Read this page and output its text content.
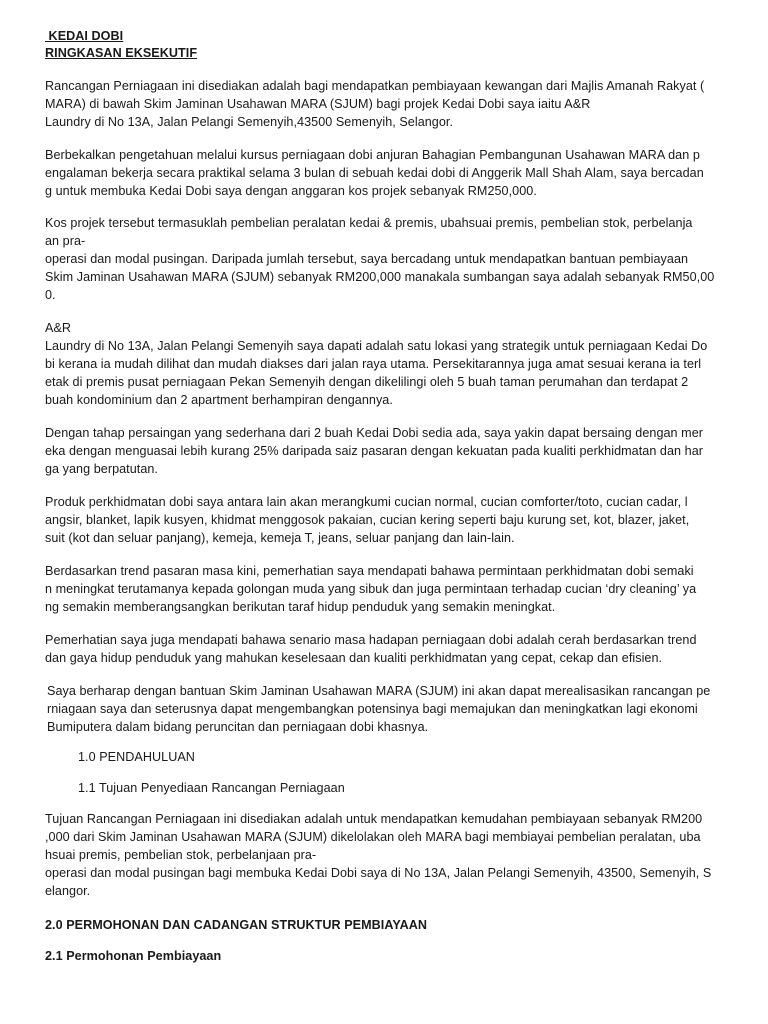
KEDAI DOBI

RINGKASAN EKSEKUTIF

Rancangan Perniagaan ini disediakan adalah bagi mendapatkan pembiayaan kewangan dari Majlis Amanah Rakyat (

MARA) di bawah Skim Jaminan Usahawan MARA (SJUM) bagi projek Kedai Dobi saya iaitu A&R

Laundry di No 13A, Jalan Pelangi Semenyih,43500 Semenyih, Selangor.

Berbekalkan pengetahuan melalui kursus perniagaan dobi anjuran Bahagian Pembangunan Usahawan MARA dan p

engalaman bekerja secara praktikal selama 3 bulan di sebuah kedai dobi di Anggerik Mall Shah Alam, saya bercadan

g untuk membuka Kedai Dobi saya dengan anggaran kos projek sebanyak RM250,000.

Kos projek tersebut termasuklah pembelian peralatan kedai & premis, ubahsuai premis, pembelian stok, perbelanja

an pra-

operasi dan modal pusingan. Daripada jumlah tersebut, saya bercadang untuk mendapatkan bantuan pembiayaan

Skim Jaminan Usahawan MARA (SJUM) sebanyak RM200,000 manakala sumbangan saya adalah sebanyak RM50,00

0.

A&R

Laundry di No 13A, Jalan Pelangi Semenyih saya dapati adalah satu lokasi yang strategik untuk perniagaan Kedai Do

bi kerana ia mudah dilihat dan mudah diakses dari jalan raya utama. Persekitarannya juga amat sesuai kerana ia terl

etak di premis pusat perniagaan Pekan Semenyih dengan dikelilingi oleh 5 buah taman perumahan dan terdapat 2

buah kondominium dan 2 apartment berhampiran dengannya.

Dengan tahap persaingan yang sederhana dari 2 buah Kedai Dobi sedia ada, saya yakin dapat bersaing dengan mer

eka dengan menguasai lebih kurang 25% daripada saiz pasaran dengan kekuatan pada kualiti perkhidmatan dan har

ga yang berpatutan.

Produk perkhidmatan dobi saya antara lain akan merangkumi cucian normal, cucian comforter/toto, cucian cadar, l

angsir, blanket, lapik kusyen, khidmat menggosok pakaian, cucian kering seperti baju kurung set, kot, blazer, jaket,

suit (kot dan seluar panjang), kemeja, kemeja T, jeans, seluar panjang dan lain-lain.

Berdasarkan trend pasaran masa kini, pemerhatian saya mendapati bahawa permintaan perkhidmatan dobi semaki

n meningkat terutamanya kepada golongan muda yang sibuk dan juga permintaan terhadap cucian ‘dry cleaning’ ya

ng semakin memberangsangkan berikutan taraf hidup penduduk yang semakin meningkat.

Pemerhatian saya juga mendapati bahawa senario masa hadapan perniagaan dobi adalah cerah berdasarkan trend

dan gaya hidup penduduk yang mahukan keselesaan dan kualiti perkhidmatan yang cepat, cekap dan efisien.

Saya berharap dengan bantuan Skim Jaminan Usahawan MARA (SJUM) ini akan dapat merealisasikan rancangan pe

rniagaan saya dan seterusnya dapat mengembangkan potensinya bagi memajukan dan meningkatkan lagi ekonomi

Bumiputera dalam bidang peruncitan dan perniagaan dobi khasnya.

1.0 PENDAHULUAN

1.1 Tujuan Penyediaan Rancangan Perniagaan

Tujuan Rancangan Perniagaan ini disediakan adalah untuk mendapatkan kemudahan pembiayaan sebanyak RM200

,000 dari Skim Jaminan Usahawan MARA (SJUM) dikelolakan oleh MARA bagi membiayai pembelian peralatan, uba

hsuai premis, pembelian stok, perbelanjaan pra-

operasi dan modal pusingan bagi membuka Kedai Dobi saya di No 13A, Jalan Pelangi Semenyih, 43500, Semenyih, S

elangor.

2.0 PERMOHONAN DAN CADANGAN STRUKTUR PEMBIAYAAN

2.1 Permohonan Pembiayaan
